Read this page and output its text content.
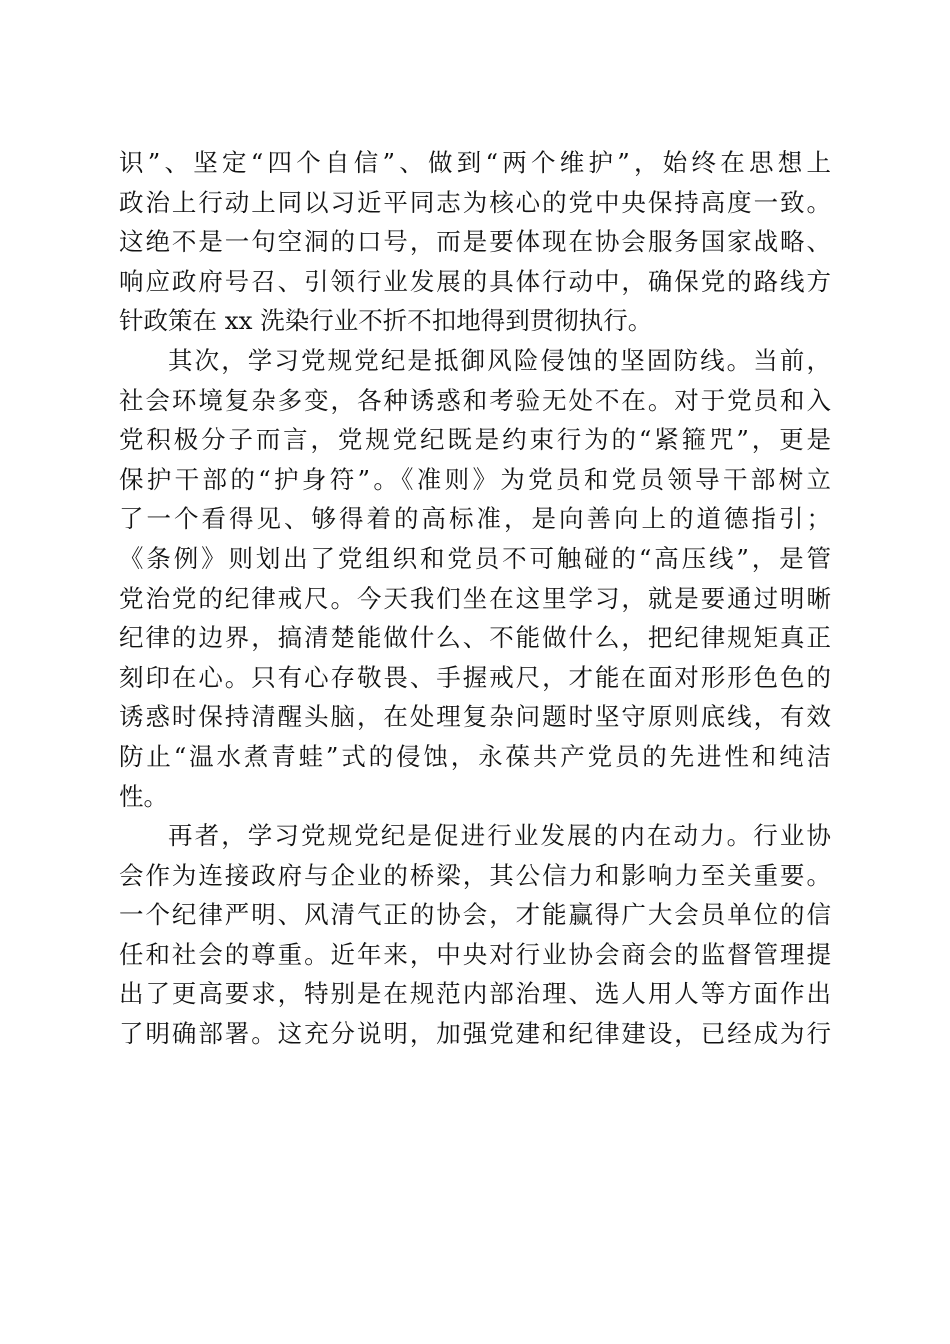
识”、坚定“四个自信”、做到“两个维护”，始终在思想上
政治上行动上同以习近平同志为核心的党中央保持高度一致。
这绝不是一句空洞的口号，而是要体现在协会服务国家战略、
响应政府号召、引领行业发展的具体行动中，确保党的路线方
针政策在 xx 洗染行业不折不扣地得到贯彻执行。
其次，学习党规党纪是抵御风险侵蚀的坚固防线。当前，
社会环境复杂多变，各种诱惑和考验无处不在。对于党员和入
党积极分子而言，党规党纪既是约束行为的“紧箍咒”，更是
保护干部的“护身符”。《准则》为党员和党员领导干部树立
了一个看得见、够得着的高标准，是向善向上的道德指引；
《条例》则划出了党组织和党员不可触碰的“高压线”，是管
党治党的纪律戒尺。今天我们坐在这里学习，就是要通过明晰
纪律的边界，搞清楚能做什么、不能做什么，把纪律规矩真正
刻印在心。只有心存敬畏、手握戒尺，才能在面对形形色色的
诱惑时保持清醒头脑，在处理复杂问题时坚守原则底线，有效
防止“温水煮青蛙”式的侵蚀，永葆共产党员的先进性和纯洁
性。
再者，学习党规党纪是促进行业发展的内在动力。行业协
会作为连接政府与企业的桥梁，其公信力和影响力至关重要。
一个纪律严明、风清气正的协会，才能赢得广大会员单位的信
任和社会的尊重。近年来，中央对行业协会商会的监督管理提
出了更高要求，特别是在规范内部治理、选人用人等方面作出
了明确部署。这充分说明，加强党建和纪律建设，已经成为行
